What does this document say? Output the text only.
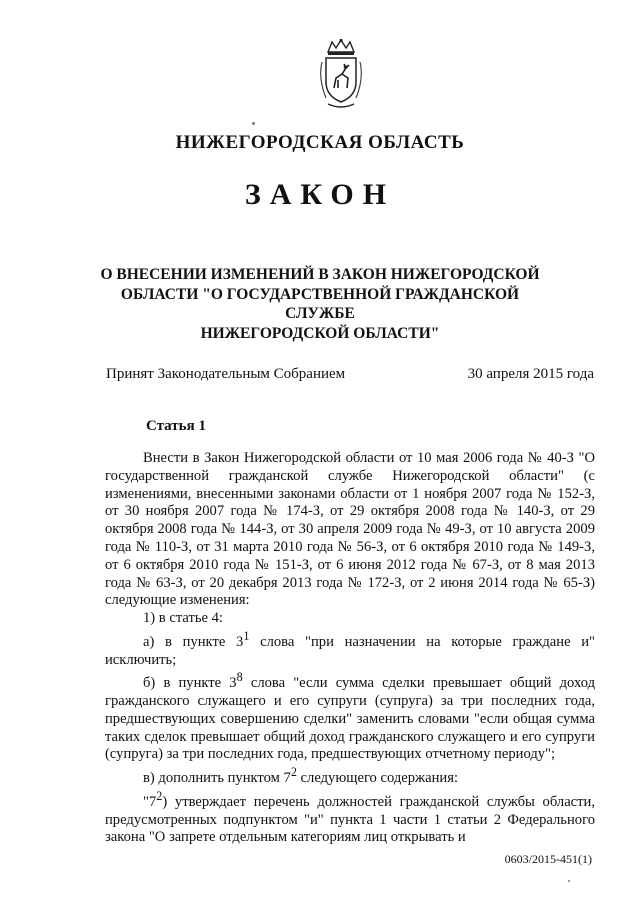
НИЖЕГОРОДСКАЯ ОБЛАСТЬ
ЗАКОН
О ВНЕСЕНИИ ИЗМЕНЕНИЙ В ЗАКОН НИЖЕГОРОДСКОЙ
ОБЛАСТИ "О ГОСУДАРСТВЕННОЙ ГРАЖДАНСКОЙ СЛУЖБЕ
НИЖЕГОРОДСКОЙ ОБЛАСТИ"
Принят Законодательным Собранием	30 апреля 2015 года
Статья 1

Внести в Закон Нижегородской области от 10 мая 2006 года № 40-З "О государственной гражданской службе Нижегородской области" (с изменениями, внесенными законами области от 1 ноября 2007 года № 152-З, от 30 ноября 2007 года № 174-З, от 29 октября 2008 года № 140-З, от 29 октября 2008 года № 144-З, от 30 апреля 2009 года № 49-З, от 10 августа 2009 года № 110-З, от 31 марта 2010 года № 56-З, от 6 октября 2010 года № 149-З, от 6 октября 2010 года № 151-З, от 6 июня 2012 года № 67-З, от 8 мая 2013 года № 63-З, от 20 декабря 2013 года № 172-З, от 2 июня 2014 года № 65-З) следующие изменения:

1) в статье 4:

а) в пункте $3^1$ слова "при назначении на которые граждане и" исключить;

б) в пункте $3^8$ слова "если сумма сделки превышает общий доход гражданского служащего и его супруги (супруга) за три последних года, предшествующих совершению сделки" заменить словами "если общая сумма таких сделок превышает общий доход гражданского служащего и его супруги (супруга) за три последних года, предшествующих отчетному периоду";

в) дополнить пунктом $7^2$ следующего содержания:

"$7^2$) утверждает перечень должностей гражданской службы области, предусмотренных подпунктом "и" пункта 1 части 1 статьи 2 Федерального закона "О запрете отдельным категориям лиц открывать и

0603/2015-451(1)
